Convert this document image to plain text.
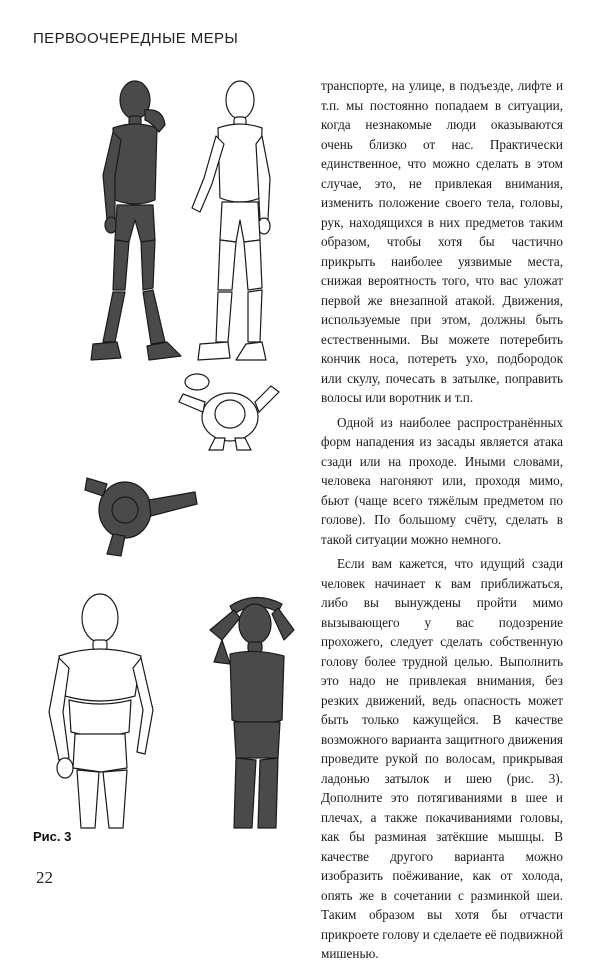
ПЕРВООЧЕРЕДНЫЕ МЕРЫ
Рис. 3

транспорте, на улице, в подъезде, лифте и т.п. мы постоянно попадаем в ситуации, когда незнакомые люди оказываются очень близко от нас. Практически единственное, что можно сделать в этом случае, это, не привлекая внимания, изменить положение своего тела, головы, рук, находящихся в них предметов таким образом, чтобы хотя бы частично прикрыть наиболее уязвимые места, снижая вероятность того, что вас уложат первой же внезапной атакой. Движения, используемые при этом, должны быть естественными. Вы можете потеребить кончик носа, потереть ухо, подбородок или скулу, почесать в затылке, поправить волосы или воротник и т.п.

Одной из наиболее распространённых форм нападения из засады является атака сзади или на проходе. Иными словами, человека нагоняют или, проходя мимо, бьют (чаще всего тяжёлым предметом по голове). По большому счёту, сделать в такой ситуации можно немного.

Если вам кажется, что идущий сзади человек начинает к вам приближаться, либо вы вынуждены пройти мимо вызывающего у вас подозрение прохожего, следует сделать собственную голову более трудной целью. Выполнить это надо не привлекая внимания, без резких движений, ведь опасность может быть только кажущейся. В качестве возможного варианта защитного движения проведите рукой по волосам, прикрывая ладонью затылок и шею (рис. 3). Дополните это потягиваниями в шее и плечах, а также покачиваниями головы, как бы разминая затёкшие мышцы. В качестве другого варианта можно изобразить поёживание, как от холода, опять же в сочетании с разминкой шеи. Таким образом вы хотя бы отчасти прикроете голову и сделаете её подвижной мишенью.

22
